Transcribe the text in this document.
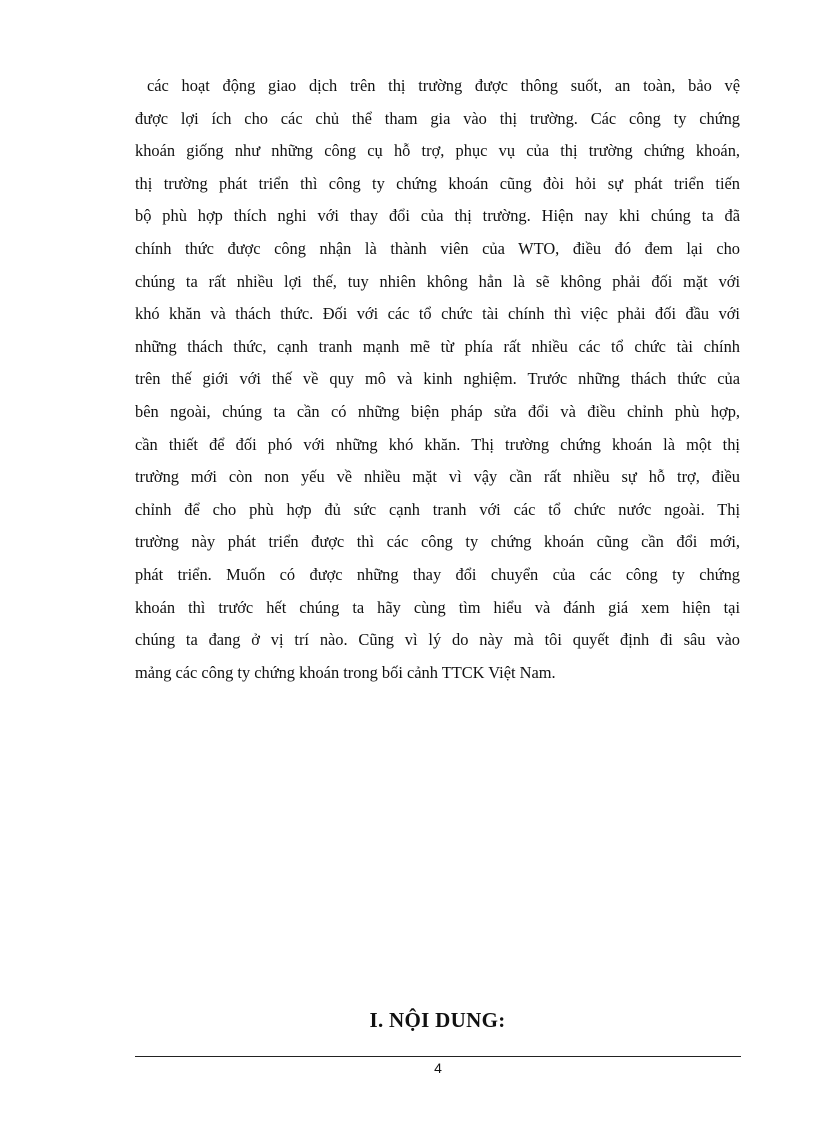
các hoạt động giao dịch trên thị trường được thông suốt, an toàn, bảo vệ
được lợi ích cho các chủ thể tham gia vào thị trường. Các công ty chứng
khoán giống như những công cụ hỗ trợ, phục vụ của thị trường chứng khoán,
thị trường phát triển thì công ty chứng khoán cũng đòi hỏi sự phát triển tiến
bộ phù hợp thích nghi với thay đổi của thị trường. Hiện nay khi chúng ta đã
chính thức được công nhận là thành viên của WTO, điều đó đem lại cho
chúng ta rất nhiều lợi thế, tuy nhiên không hẳn là sẽ không phải đối mặt với
khó khăn và thách thức. Đối với các tổ chức tài chính thì việc phải đối đầu với
những thách thức, cạnh tranh mạnh mẽ từ phía rất nhiều các tổ chức tài chính
trên thế giới với thế về quy mô và kinh nghiệm. Trước những thách thức của
bên ngoài, chúng ta cần có những biện pháp sửa đổi và điều chỉnh phù hợp,
cần thiết để đối phó với những khó khăn. Thị trường chứng khoán là một thị
trường mới còn non yếu về nhiều mặt vì vậy cần rất nhiều sự hỗ trợ, điều
chỉnh để cho phù hợp đủ sức cạnh tranh với các tổ chức nước ngoài. Thị
trường này phát triển được thì các công ty chứng khoán cũng cần đổi mới,
phát triển. Muốn có được những thay đổi chuyển của các công ty chứng
khoán thì trước hết chúng ta hãy cùng tìm hiểu và đánh giá xem hiện tại
chúng ta đang ở vị trí nào. Cũng vì lý do này mà tôi quyết định đi sâu vào
mảng các công ty chứng khoán trong bối cảnh TTCK Việt Nam.
I. NỘI DUNG:
4
